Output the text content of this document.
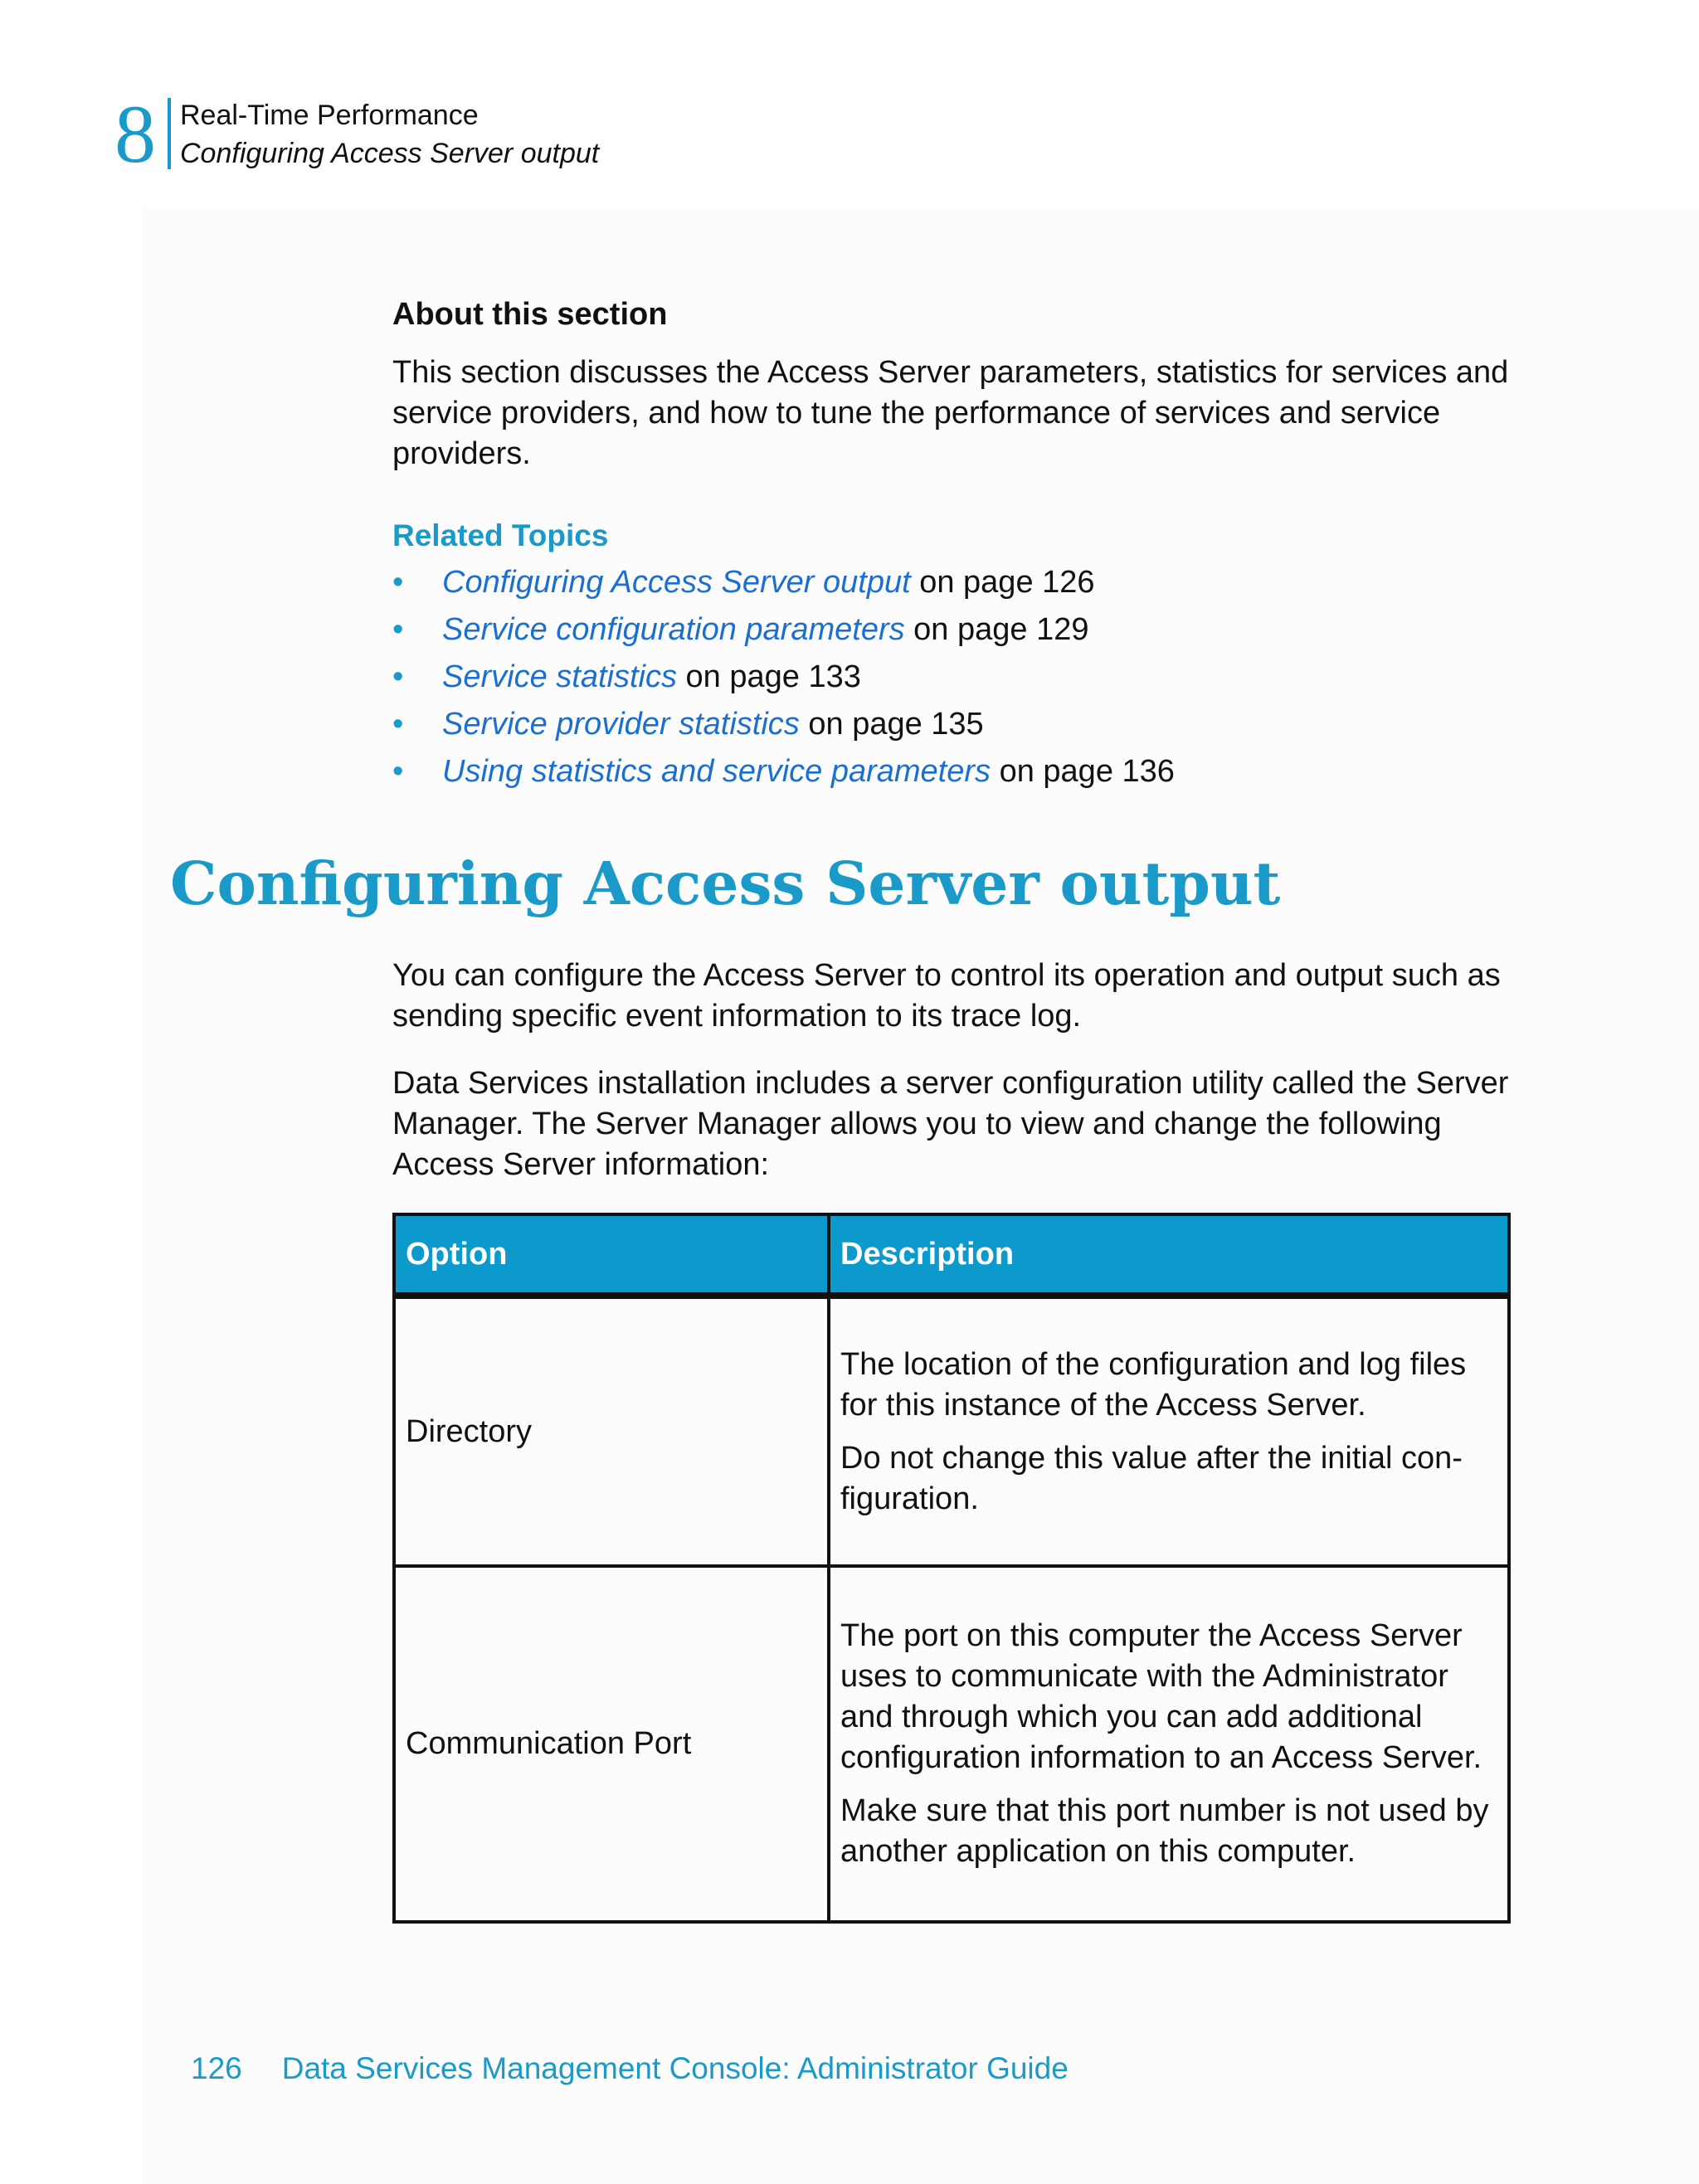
8 Real-Time Performance
Configuring Access Server output
About this section
This section discusses the Access Server parameters, statistics for services and service providers, and how to tune the performance of services and service providers.
Related Topics
• Configuring Access Server output on page 126
• Service configuration parameters on page 129
• Service statistics on page 133
• Service provider statistics on page 135
• Using statistics and service parameters on page 136
Configuring Access Server output
You can configure the Access Server to control its operation and output such as sending specific event information to its trace log.
Data Services installation includes a server configuration utility called the Server Manager. The Server Manager allows you to view and change the following Access Server information:
Option	Description
Directory	The location of the configuration and log files for this instance of the Access Server.

Do not change this value after the initial con-figuration.

Communication Port	The port on this computer the Access Server uses to communicate with the Administrator and through which you can add additional configuration information to an Access Server.

Make sure that this port number is not used by another application on this computer.

126 Data Services Management Console: Administrator Guide
